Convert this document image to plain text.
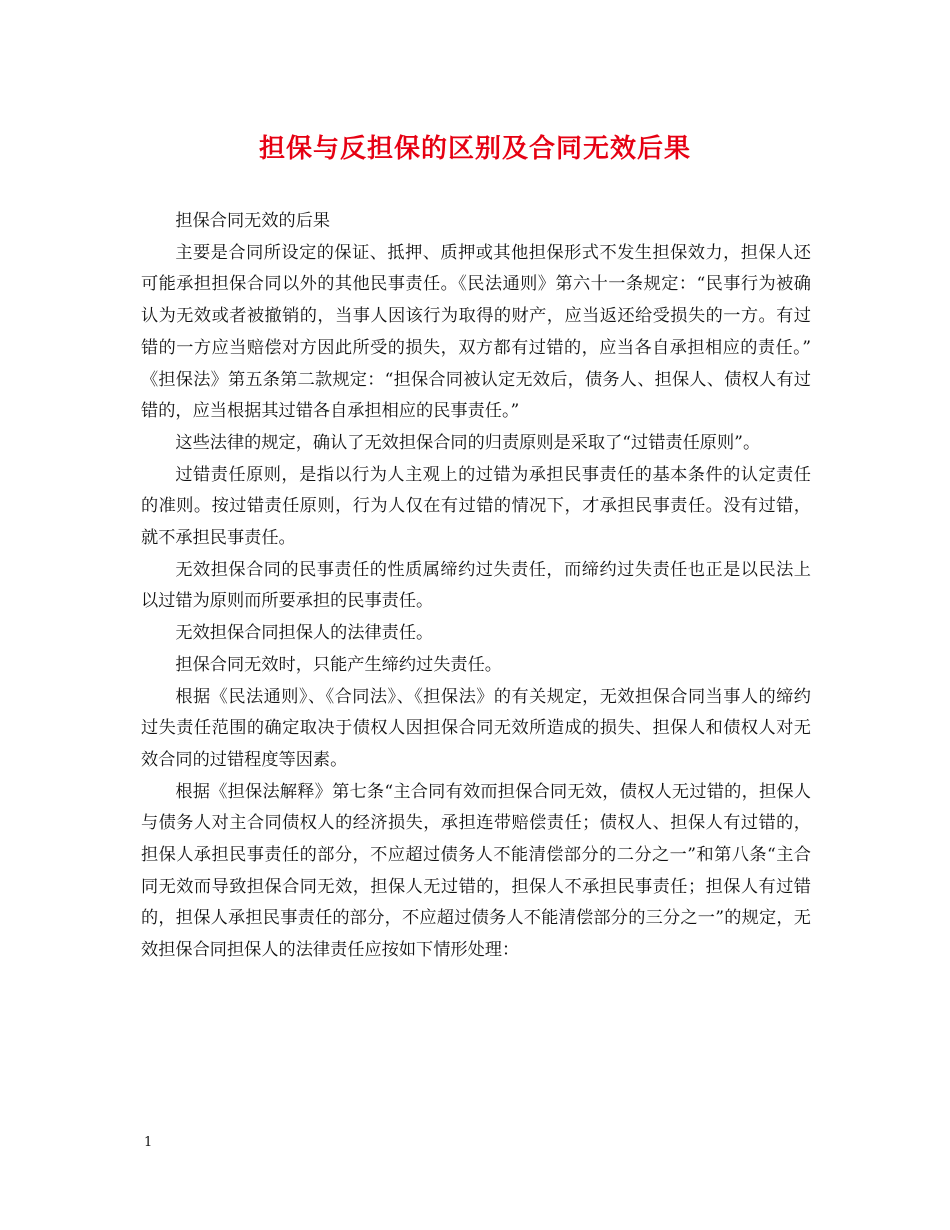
担保与反担保的区别及合同无效后果

担保合同无效的后果

主要是合同所设定的保证、抵押、质押或其他担保形式不发生担保效力，担保人还可能承担担保合同以外的其他民事责任。《民法通则》第六十一条规定：“民事行为被确认为无效或者被撤销的，当事人因该行为取得的财产，应当返还给受损失的一方。有过错的一方应当赔偿对方因此所受的损失，双方都有过错的，应当各自承担相应的责任。”　　《担保法》第五条第二款规定：“担保合同被认定无效后，债务人、担保人、债权人有过错的，应当根据其过错各自承担相应的民事责任。”

这些法律的规定，确认了无效担保合同的归责原则是采取了“过错责任原则”。

过错责任原则，是指以行为人主观上的过错为承担民事责任的基本条件的认定责任的准则。按过错责任原则，行为人仅在有过错的情况下，才承担民事责任。没有过错，就不承担民事责任。

无效担保合同的民事责任的性质属缔约过失责任，而缔约过失责任也正是以民法上以过错为原则而所要承担的民事责任。

无效担保合同担保人的法律责任。

担保合同无效时，只能产生缔约过失责任。

根据《民法通则》、《合同法》、《担保法》的有关规定，无效担保合同当事人的缔约过失责任范围的确定取决于债权人因担保合同无效所造成的损失、担保人和债权人对无效合同的过错程度等因素。

根据《担保法解释》第七条“主合同有效而担保合同无效，债权人无过错的，担保人与债务人对主合同债权人的经济损失，承担连带赔偿责任；债权人、担保人有过错的，担保人承担民事责任的部分，不应超过债务人不能清偿部分的二分之一”和第八条“主合同无效而导致担保合同无效，担保人无过错的，担保人不承担民事责任；担保人有过错的，担保人承担民事责任的部分，不应超过债务人不能清偿部分的三分之一”的规定，无效担保合同担保人的法律责任应按如下情形处理：

1
